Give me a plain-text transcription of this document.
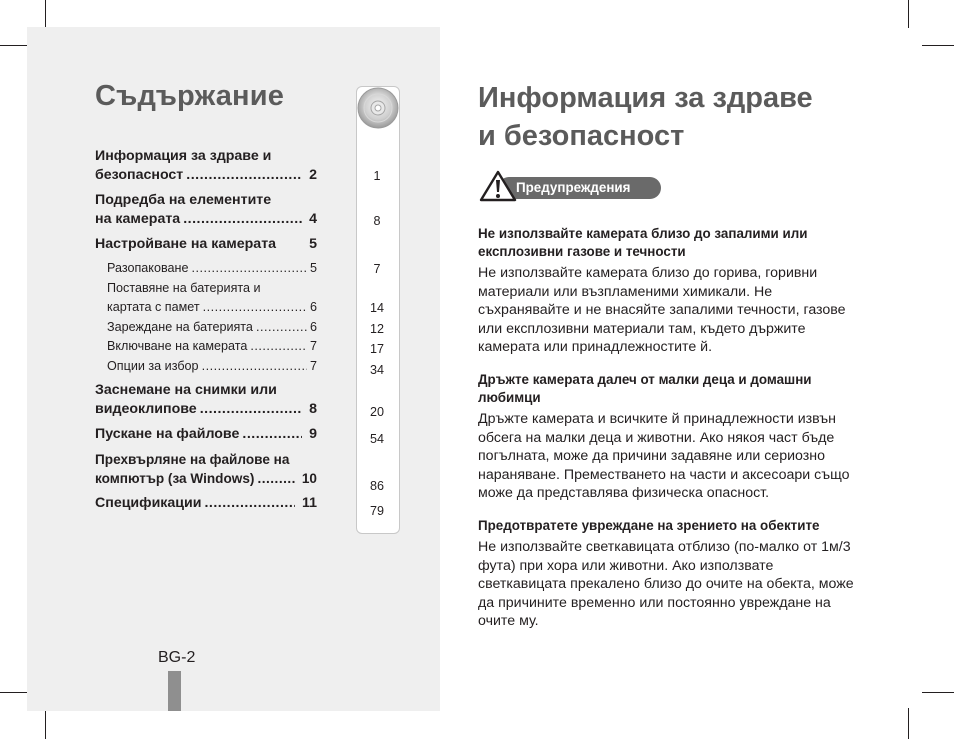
Съдържание
Информация за здраве и
безопасност .....	2
Подредба на елементите
на камерата .....	4
Настройване на камерата 5
Разопаковане .....	5
Поставяне на батерията и
картата с памет .....	6
Зареждане на батерията .....	6
Включване на камерата .....	7
Опции за избор .....	7
Заснемане на снимки или
видеоклипове .....	8
Пускане на файлове .....	9
Прехвърляне на файлове на
компютър (за Windows) .....	10
Спецификации .....	11
1
8
7
14
12
17
34
20
54
86
79
BG-2
Информация за здраве
и безопасност
Предупреждения
Не използвайте камерата близо до запалими или експлозивни газове и течности
Не използвайте камерата близо до горива, горивни материали или възпламеними химикали. Не съхранявайте и не внасяйте запалими течности, газове или експлозивни материали там, където държите камерата или принадлежностите й.
Дръжте камерата далеч от малки деца и домашни любимци
Дръжте камерата и всичките й принадлежности извън обсега на малки деца и животни. Ако някоя част бъде погълната, може да причини задавяне или сериозно нараняване. Преместването на части и аксесоари също може да представлява физическа опасност.
Предотвратете увреждане на зрението на обектите
Не използвайте светкавицата отблизо (по-малко от 1м/3 фута) при хора или животни. Ако използвате светкавицата прекалено близо до очите на обекта, може да причините временно или постоянно увреждане на очите му.
